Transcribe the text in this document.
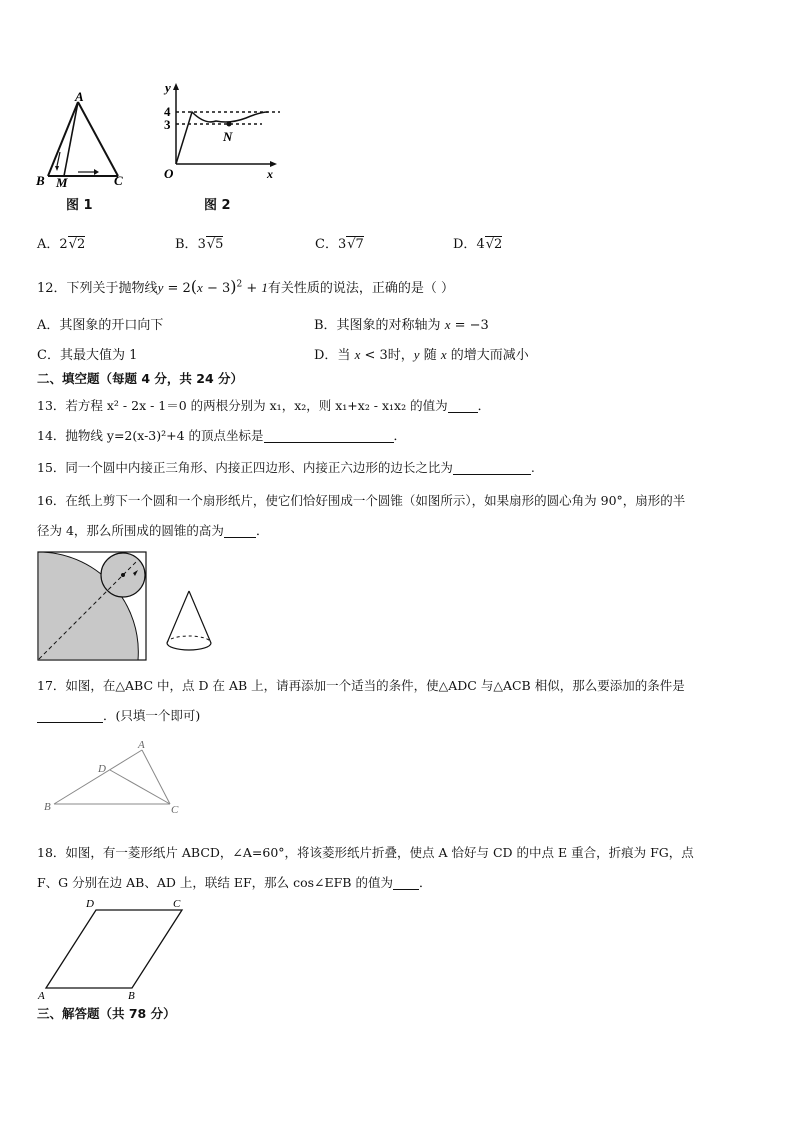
A
B M	C
图 1
y
4
3
O	x
N
图 2
A．2√2	B．3√5	C．3√7	D．4√2
12．下列关于抛物线$y = 2(x - 3)^2 + 1$有关性质的说法，正确的是（ ）
A．其图象的开口向下	B．其图象的对称轴为 x = −3
C．其最大值为 1	D．当 x < 3时，y 随 x 的增大而减小
二、填空题（每题 4 分，共 24 分）
13．若方程 x² - 2x - 1＝0 的两根分别为 x₁，x₂，则 x₁+x₂ - x₁x₂ 的值为 ．
14．抛物线 y=2(x-3)²+4 的顶点坐标是	．
15．同一个圆中内接正三角形、内接正四边形、内接正六边形的边长之比为	.
16．在纸上剪下一个圆和一个扇形纸片，使它们恰好围成一个圆锥（如图所示），如果扇形的圆心角为 90°，扇形的半
径为 4，那么所围成的圆锥的高为	．
17．如图，在△ABC 中，点 D 在 AB 上，请再添加一个适当的条件，使△ADC 与△ACB 相似，那么要添加的条件是
．(只填一个即可)
A
D
B	C
18．如图，有一菱形纸片 ABCD，∠A=60°，将该菱形纸片折叠，使点 A 恰好与 CD 的中点 E 重合，折痕为 FG，点
F、G 分别在边 AB、AD 上，联结 EF，那么 cos∠EFB 的值为 ．
D	C
A	B
三、解答题（共 78 分）
